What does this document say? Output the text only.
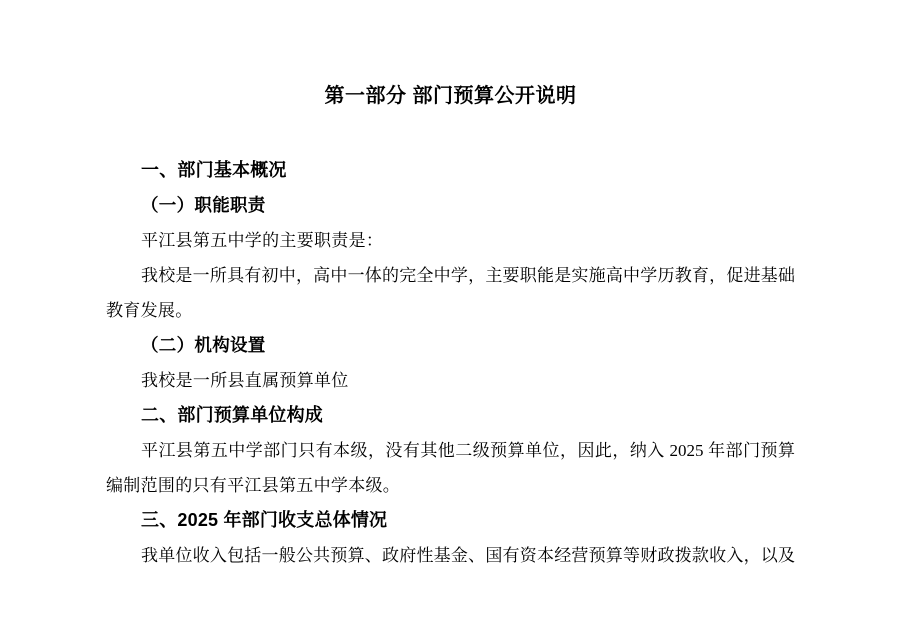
第一部分 部门预算公开说明
一、部门基本概况
（一）职能职责
平江县第五中学的主要职责是：
我校是一所具有初中，高中一体的完全中学，主要职能是实施高中学历教育，促进基础
教育发展。
（二）机构设置
我校是一所县直属预算单位
二、部门预算单位构成
平江县第五中学部门只有本级，没有其他二级预算单位，因此，纳入 2025 年部门预算
编制范围的只有平江县第五中学本级。
三、2025 年部门收支总体情况
我单位收入包括一般公共预算、政府性基金、国有资本经营预算等财政拨款收入，以及
